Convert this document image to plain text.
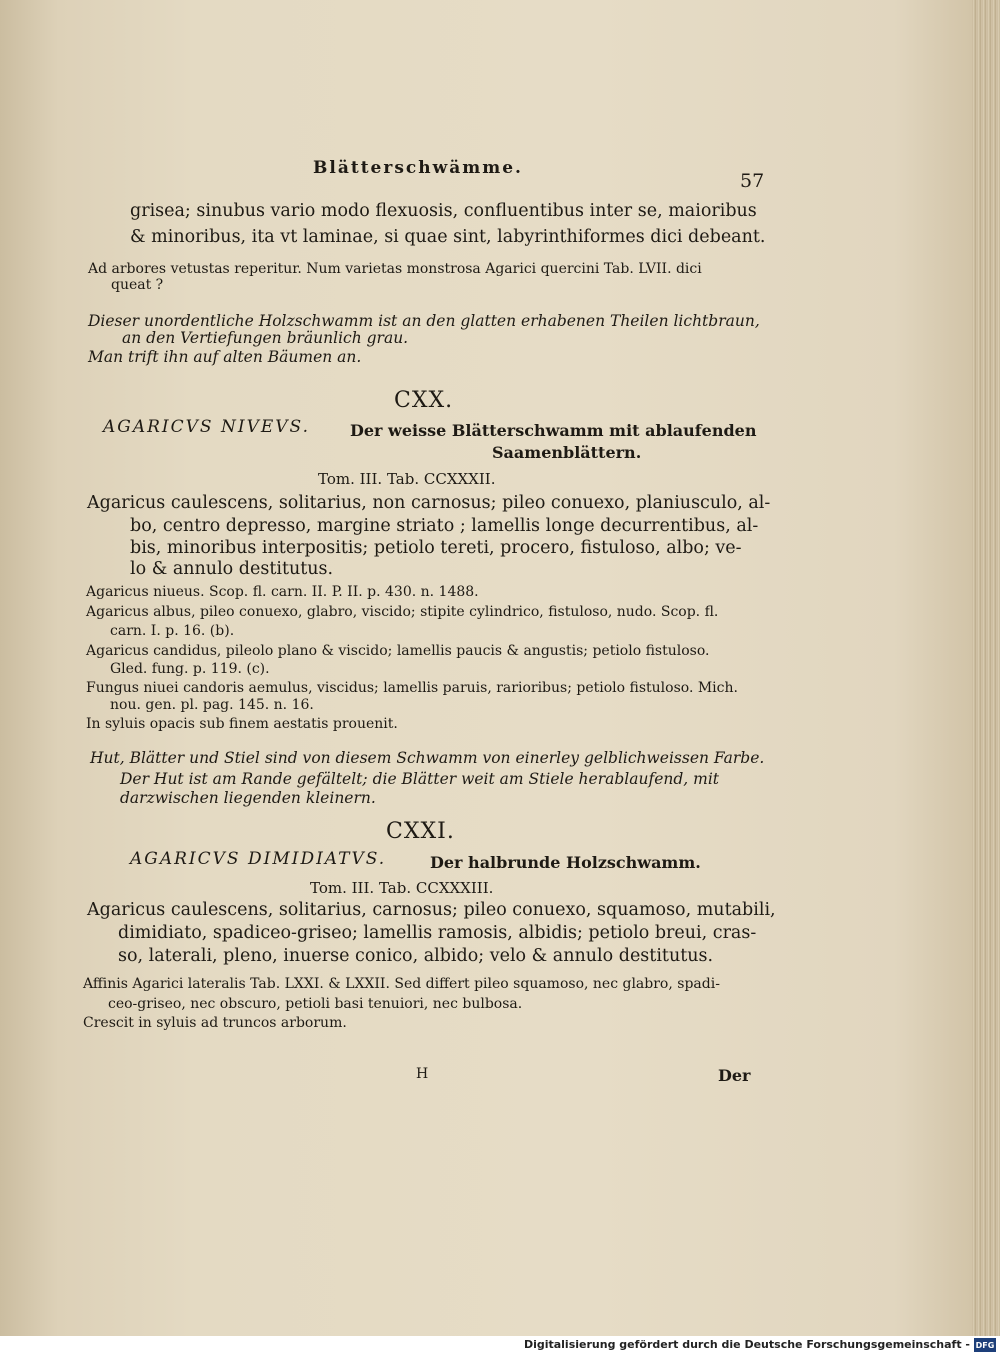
Blätterschwämme.
57
grisea; sinubus vario modo flexuosis, confluentibus inter se, maioribus
& minoribus, ita vt laminae, si quae sint, labyrinthiformes dici debeant.
Ad arbores vetustas reperitur. Num varietas monstrosa Agarici quercini Tab. LVII. dici
queat ?
Dieser unordentliche Holzschwamm ist an den glatten erhabenen Theilen lichtbraun,
an den Vertiefungen bräunlich grau.
Man trift ihn auf alten Bäumen an.
CXX.
AGARICVS NIVEVS.	Der weisse Blätterschwamm mit ablaufenden
Saamenblättern.
Tom. III. Tab. CCXXXII.
Agaricus caulescens, solitarius, non carnosus; pileo conuexo, planiusculo, al-
bo, centro depresso, margine striato ; lamellis longe decurrentibus, al-
bis, minoribus interpositis; petiolo tereti, procero, fistuloso, albo; ve-
lo & annulo destitutus.
Agaricus niueus. Scop. fl. carn. II. P. II. p. 430. n. 1488.
Agaricus albus, pileo conuexo, glabro, viscido; stipite cylindrico, fistuloso, nudo. Scop. fl.
carn. I. p. 16. (b).
Agaricus candidus, pileolo plano & viscido; lamellis paucis & angustis; petiolo fistuloso.
Gled. fung. p. 119. (c).
Fungus niuei candoris aemulus, viscidus; lamellis paruis, rarioribus; petiolo fistuloso. Mich.
nou. gen. pl. pag. 145. n. 16.
In syluis opacis sub finem aestatis prouenit.
Hut, Blätter und Stiel sind von diesem Schwamm von einerley gelblichweissen Farbe.
Der Hut ist am Rande gefältelt; die Blätter weit am Stiele herablaufend, mit
darzwischen liegenden kleinern.
CXXI.
AGARICVS DIMIDIATVS.	Der halbrunde Holzschwamm.
Tom. III. Tab. CCXXXIII.
Agaricus caulescens, solitarius, carnosus; pileo conuexo, squamoso, mutabili,
dimidiato, spadiceo-griseo; lamellis ramosis, albidis; petiolo breui, cras-
so, laterali, pleno, inuerse conico, albido; velo & annulo destitutus.
Affinis Agarici lateralis Tab. LXXI. & LXXII. Sed differt pileo squamoso, nec glabro, spadi-
ceo-griseo, nec obscuro, petioli basi tenuiori, nec bulbosa.
Crescit in syluis ad truncos arborum.
H	Der
Digitalisierung gefördert durch die Deutsche Forschungsgemeinschaft - DFG
